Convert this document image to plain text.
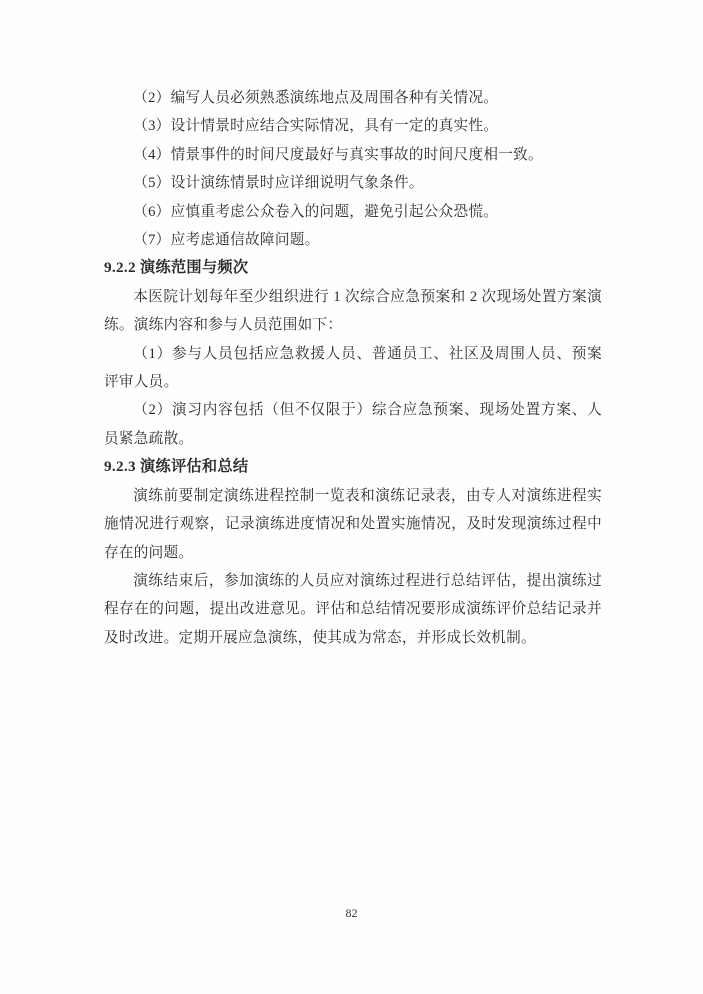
（2）编写人员必须熟悉演练地点及周围各种有关情况。

（3）设计情景时应结合实际情况，具有一定的真实性。

（4）情景事件的时间尺度最好与真实事故的时间尺度相一致。

（5）设计演练情景时应详细说明气象条件。

（6）应慎重考虑公众卷入的问题，避免引起公众恐慌。

（7）应考虑通信故障问题。

9.2.2 演练范围与频次

本医院计划每年至少组织进行 1 次综合应急预案和 2 次现场处置方案演练。演练内容和参与人员范围如下：

（1）参与人员包括应急救援人员、普通员工、社区及周围人员、预案评审人员。

（2）演习内容包括（但不仅限于）综合应急预案、现场处置方案、人员紧急疏散。

9.2.3 演练评估和总结

演练前要制定演练进程控制一览表和演练记录表，由专人对演练进程实施情况进行观察，记录演练进度情况和处置实施情况，及时发现演练过程中存在的问题。

演练结束后，参加演练的人员应对演练过程进行总结评估，提出演练过程存在的问题，提出改进意见。评估和总结情况要形成演练评价总结记录并及时改进。定期开展应急演练，使其成为常态，并形成长效机制。

82
